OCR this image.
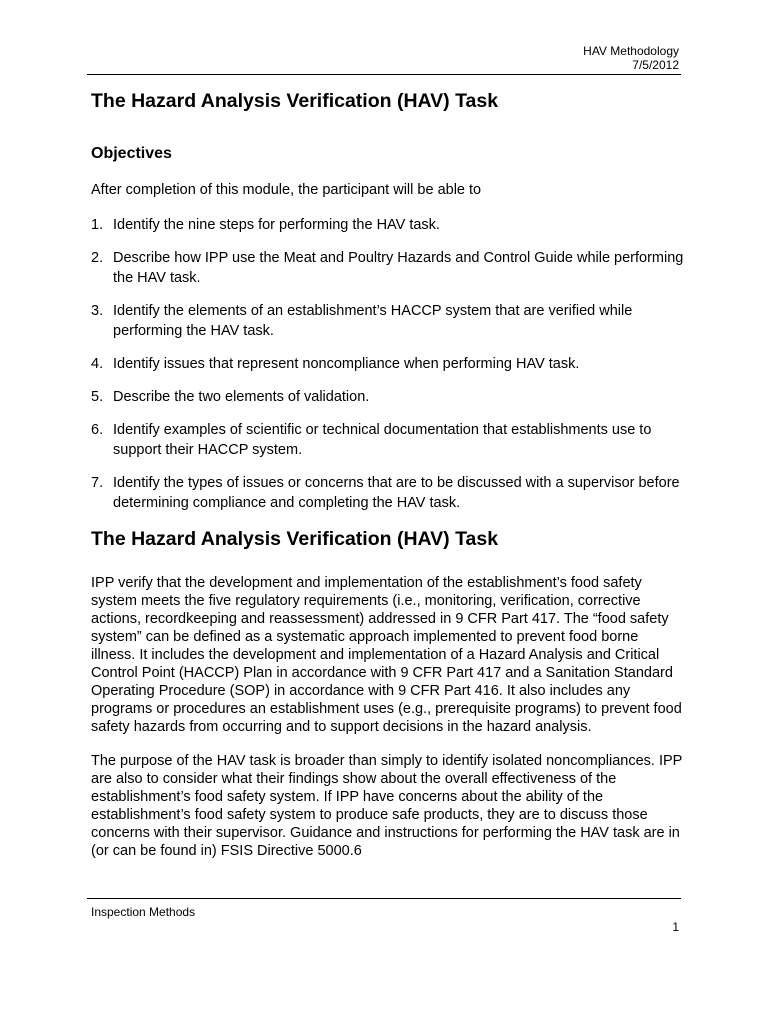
HAV Methodology
7/5/2012
The Hazard Analysis Verification (HAV) Task
Objectives

After completion of this module, the participant will be able to

1. Identify the nine steps for performing the HAV task.
2. Describe how IPP use the Meat and Poultry Hazards and Control Guide while performing the HAV task.
3. Identify the elements of an establishment’s HACCP system that are verified while performing the HAV task.
4. Identify issues that represent noncompliance when performing HAV task.
5. Describe the two elements of validation.
6. Identify examples of scientific or technical documentation that establishments use to support their HACCP system.
7. Identify the types of issues or concerns that are to be discussed with a supervisor before determining compliance and completing the HAV task.
The Hazard Analysis Verification (HAV) Task

IPP verify that the development and implementation of the establishment’s food safety system meets the five regulatory requirements (i.e., monitoring, verification, corrective actions, recordkeeping and reassessment) addressed in 9 CFR Part 417. The “food safety system” can be defined as a systematic approach implemented to prevent food borne illness. It includes the development and implementation of a Hazard Analysis and Critical Control Point (HACCP) Plan in accordance with 9 CFR Part 417 and a Sanitation Standard Operating Procedure (SOP) in accordance with 9 CFR Part 416. It also includes any programs or procedures an establishment uses (e.g., prerequisite programs) to prevent food safety hazards from occurring and to support decisions in the hazard analysis.

The purpose of the HAV task is broader than simply to identify isolated noncompliances. IPP are also to consider what their findings show about the overall effectiveness of the establishment’s food safety system. If IPP have concerns about the ability of the establishment’s food safety system to produce safe products, they are to discuss those concerns with their supervisor. Guidance and instructions for performing the HAV task are in (or can be found in) FSIS Directive 5000.6

Inspection Methods
1
